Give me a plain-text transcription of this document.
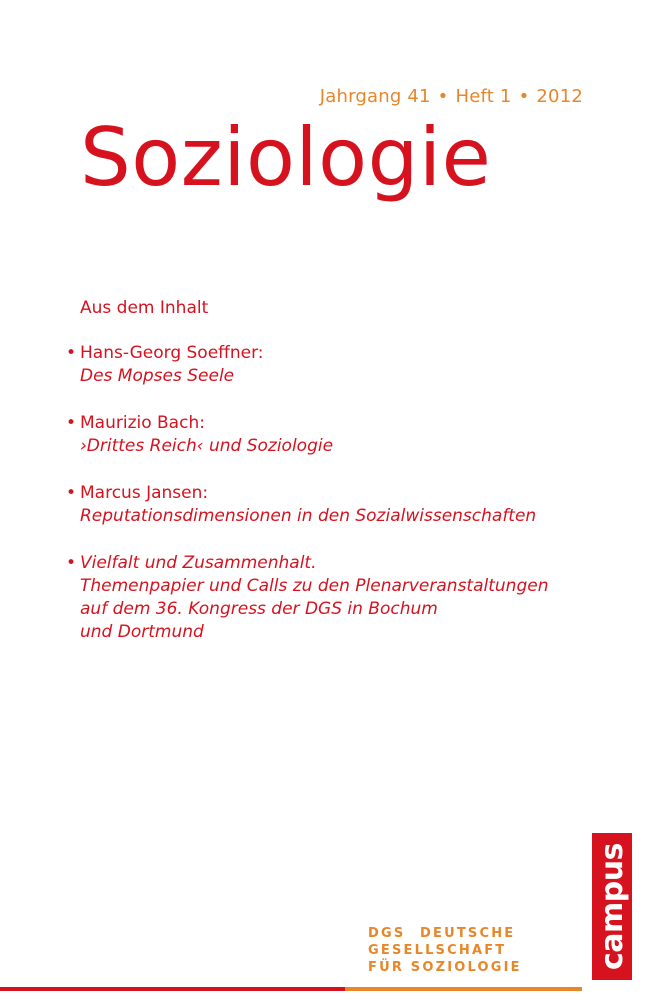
Jahrgang 41 • Heft 1 • 2012
Soziologie
Aus dem Inhalt
• Hans-Georg Soeffner:
Des Mopses Seele
• Maurizio Bach:
›Drittes Reich‹ und Soziologie
• Marcus Jansen:
Reputationsdimensionen in den Sozialwissenschaften
• Vielfalt und Zusammenhalt.
Themenpapier und Calls zu den Plenarveranstaltungen
auf dem 36. Kongress der DGS in Bochum
und Dortmund
DGS DEUTSCHE
GESELLSCHAFT
FÜR SOZIOLOGIE campus
